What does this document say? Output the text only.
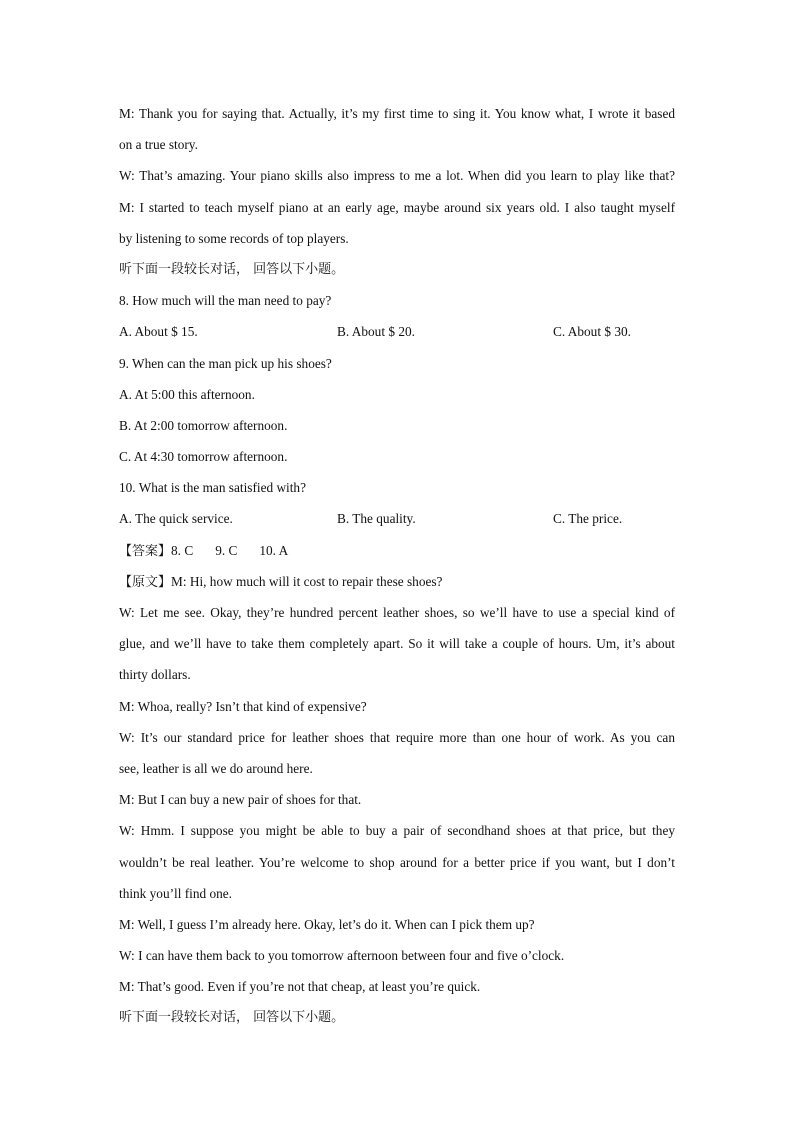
M: Thank you for saying that. Actually, it’s my first time to sing it. You know what, I wrote it based
on a true story.
W: That’s amazing. Your piano skills also impress to me a lot. When did you learn to play like that?
M: I started to teach myself piano at an early age, maybe around six years old. I also taught myself
by listening to some records of top players.
听下面一段较长对话， 回答以下小题。
8. How much will the man need to pay?
A. About $ 15.	B. About $ 20.	C. About $ 30.
9. When can the man pick up his shoes?
A. At 5:00 this afternoon.
B. At 2:00 tomorrow afternoon.
C. At 4:30 tomorrow afternoon.
10. What is the man satisfied with?
A. The quick service.	B. The quality.	C. The price.
【答案】8. C 9. C 10. A
【原文】M: Hi, how much will it cost to repair these shoes?
W: Let me see. Okay, they’re hundred percent leather shoes, so we’ll have to use a special kind of
glue, and we’ll have to take them completely apart. So it will take a couple of hours. Um, it’s about
thirty dollars.
M: Whoa, really? Isn’t that kind of expensive?
W: It’s our standard price for leather shoes that require more than one hour of work. As you can
see, leather is all we do around here.
M: But I can buy a new pair of shoes for that.
W: Hmm. I suppose you might be able to buy a pair of secondhand shoes at that price, but they
wouldn’t be real leather. You’re welcome to shop around for a better price if you want, but I don’t
think you’ll find one.
M: Well, I guess I’m already here. Okay, let’s do it. When can I pick them up?
W: I can have them back to you tomorrow afternoon between four and five o’clock.
M: That’s good. Even if you’re not that cheap, at least you’re quick.
听下面一段较长对话， 回答以下小题。
